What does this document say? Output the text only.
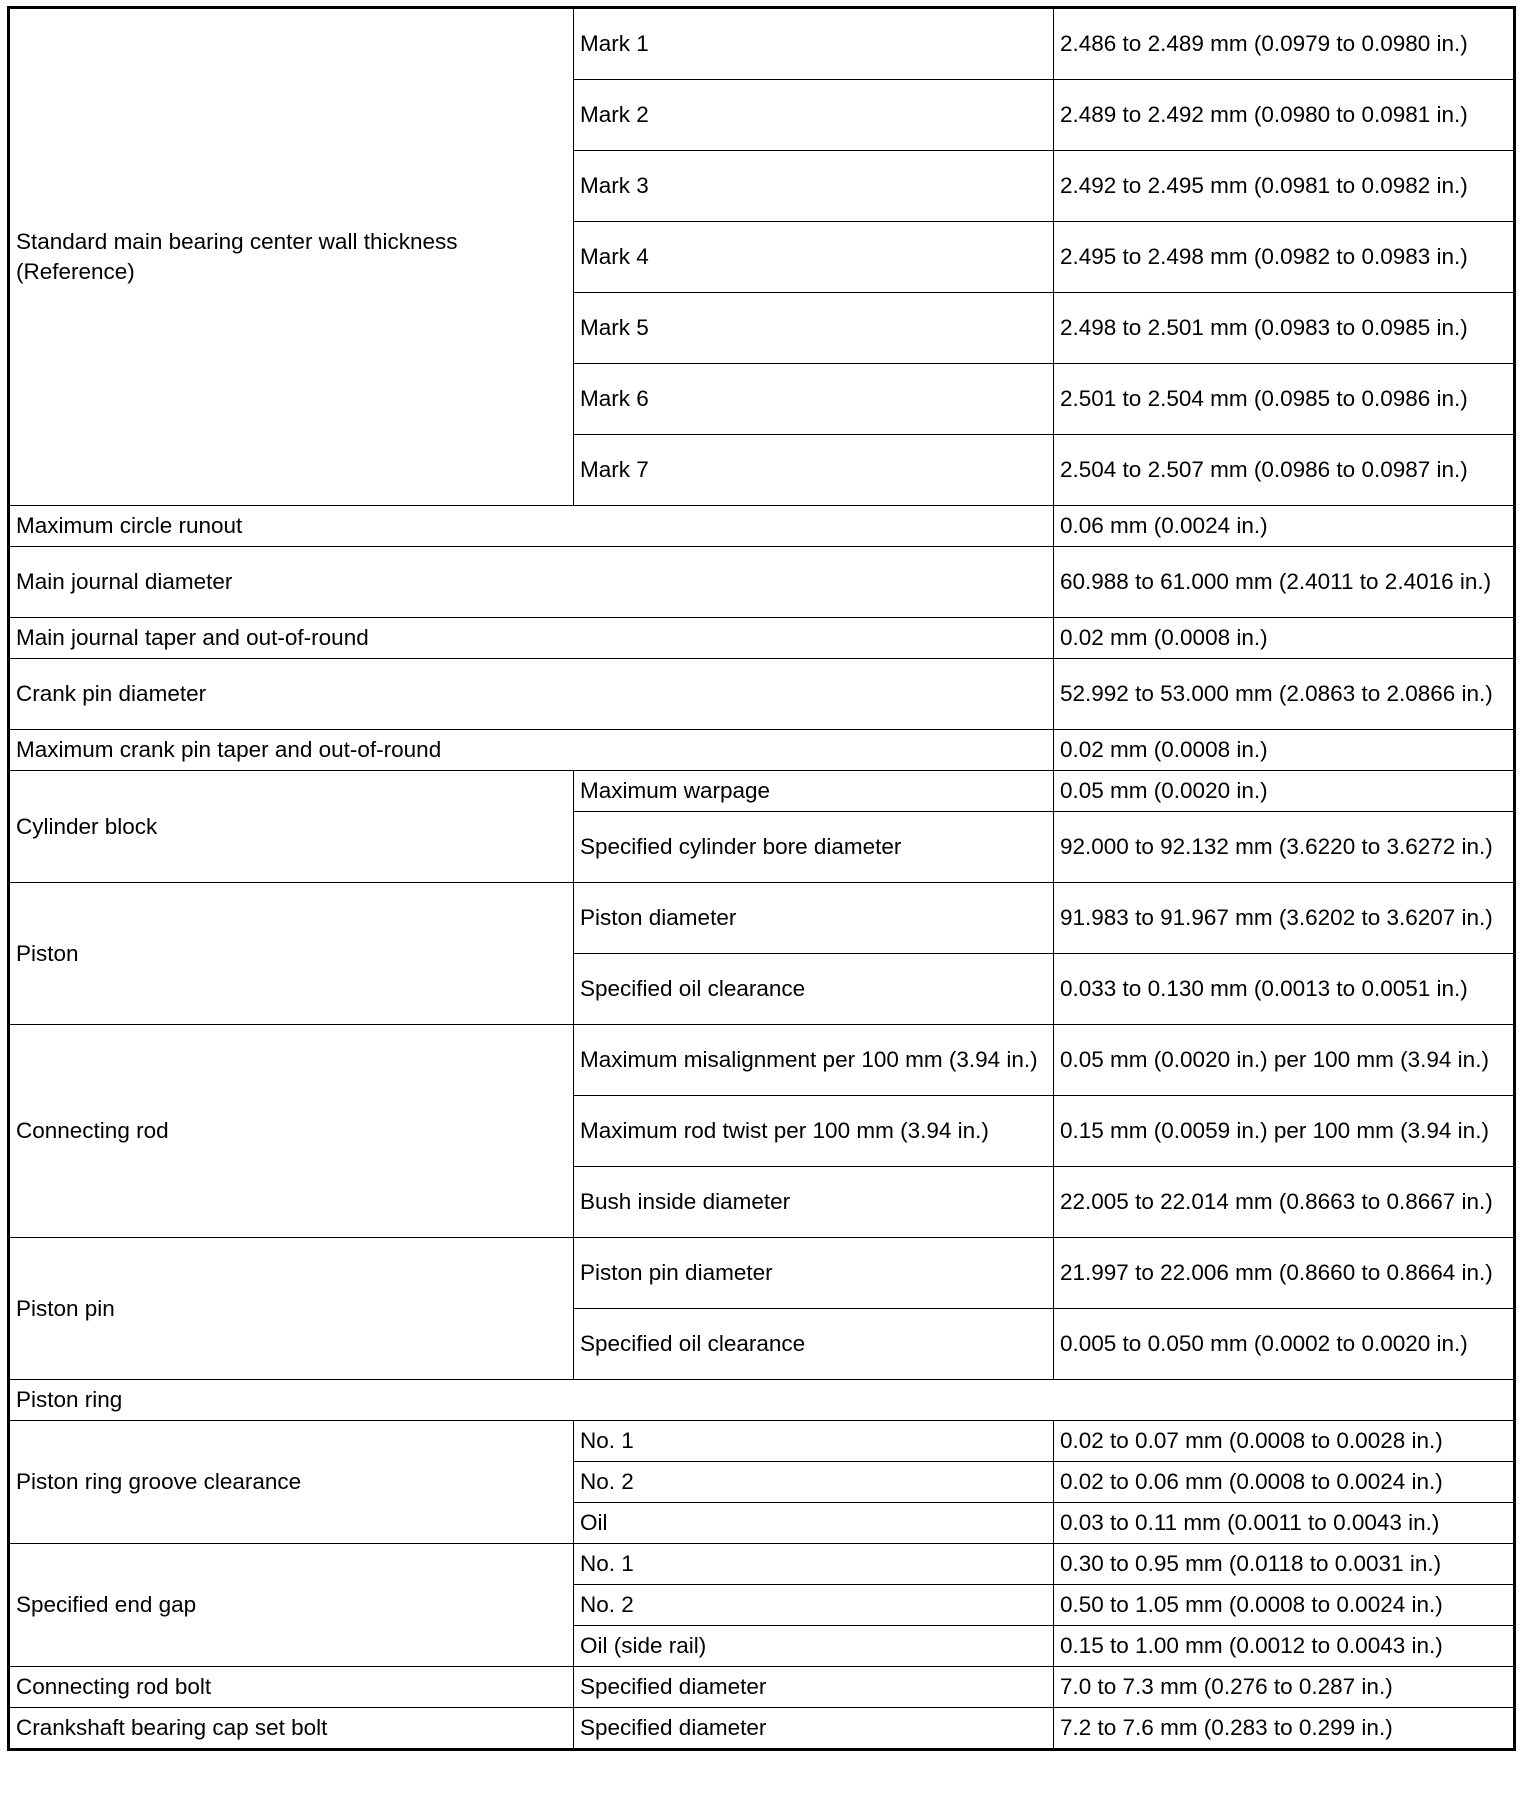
Standard main bearing center wall thickness (Reference)	Mark 1	2.486 to 2.489 mm (0.0979 to 0.0980 in.)
	Mark 2	2.489 to 2.492 mm (0.0980 to 0.0981 in.)
	Mark 3	2.492 to 2.495 mm (0.0981 to 0.0982 in.)
	Mark 4	2.495 to 2.498 mm (0.0982 to 0.0983 in.)
	Mark 5	2.498 to 2.501 mm (0.0983 to 0.0985 in.)
	Mark 6	2.501 to 2.504 mm (0.0985 to 0.0986 in.)
	Mark 7	2.504 to 2.507 mm (0.0986 to 0.0987 in.)
Maximum circle runout		0.06 mm (0.0024 in.)
Main journal diameter		60.988 to 61.000 mm (2.4011 to 2.4016 in.)
Main journal taper and out-of-round		0.02 mm (0.0008 in.)
Crank pin diameter		52.992 to 53.000 mm (2.0863 to 2.0866 in.)
Maximum crank pin taper and out-of-round		0.02 mm (0.0008 in.)
Cylinder block	Maximum warpage	0.05 mm (0.0020 in.)
	Specified cylinder bore diameter	92.000 to 92.132 mm (3.6220 to 3.6272 in.)
Piston	Piston diameter	91.983 to 91.967 mm (3.6202 to 3.6207 in.)
	Specified oil clearance	0.033 to 0.130 mm (0.0013 to 0.0051 in.)
Connecting rod	Maximum misalignment per 100 mm (3.94 in.)	0.05 mm (0.0020 in.) per 100 mm (3.94 in.)
	Maximum rod twist per 100 mm (3.94 in.)	0.15 mm (0.0059 in.) per 100 mm (3.94 in.)
	Bush inside diameter	22.005 to 22.014 mm (0.8663 to 0.8667 in.)
Piston pin	Piston pin diameter	21.997 to 22.006 mm (0.8660 to 0.8664 in.)
	Specified oil clearance	0.005 to 0.050 mm (0.0002 to 0.0020 in.)
Piston ring		
Piston ring groove clearance	No. 1	0.02 to 0.07 mm (0.0008 to 0.0028 in.)
	No. 2	0.02 to 0.06 mm (0.0008 to 0.0024 in.)
	Oil	0.03 to 0.11 mm (0.0011 to 0.0043 in.)
Specified end gap	No. 1	0.30 to 0.95 mm (0.0118 to 0.0031 in.)
	No. 2	0.50 to 1.05 mm (0.0008 to 0.0024 in.)
	Oil (side rail)	0.15 to 1.00 mm (0.0012 to 0.0043 in.)
Connecting rod bolt	Specified diameter	7.0 to 7.3 mm (0.276 to 0.287 in.)
Crankshaft bearing cap set bolt	Specified diameter	7.2 to 7.6 mm (0.283 to 0.299 in.)
